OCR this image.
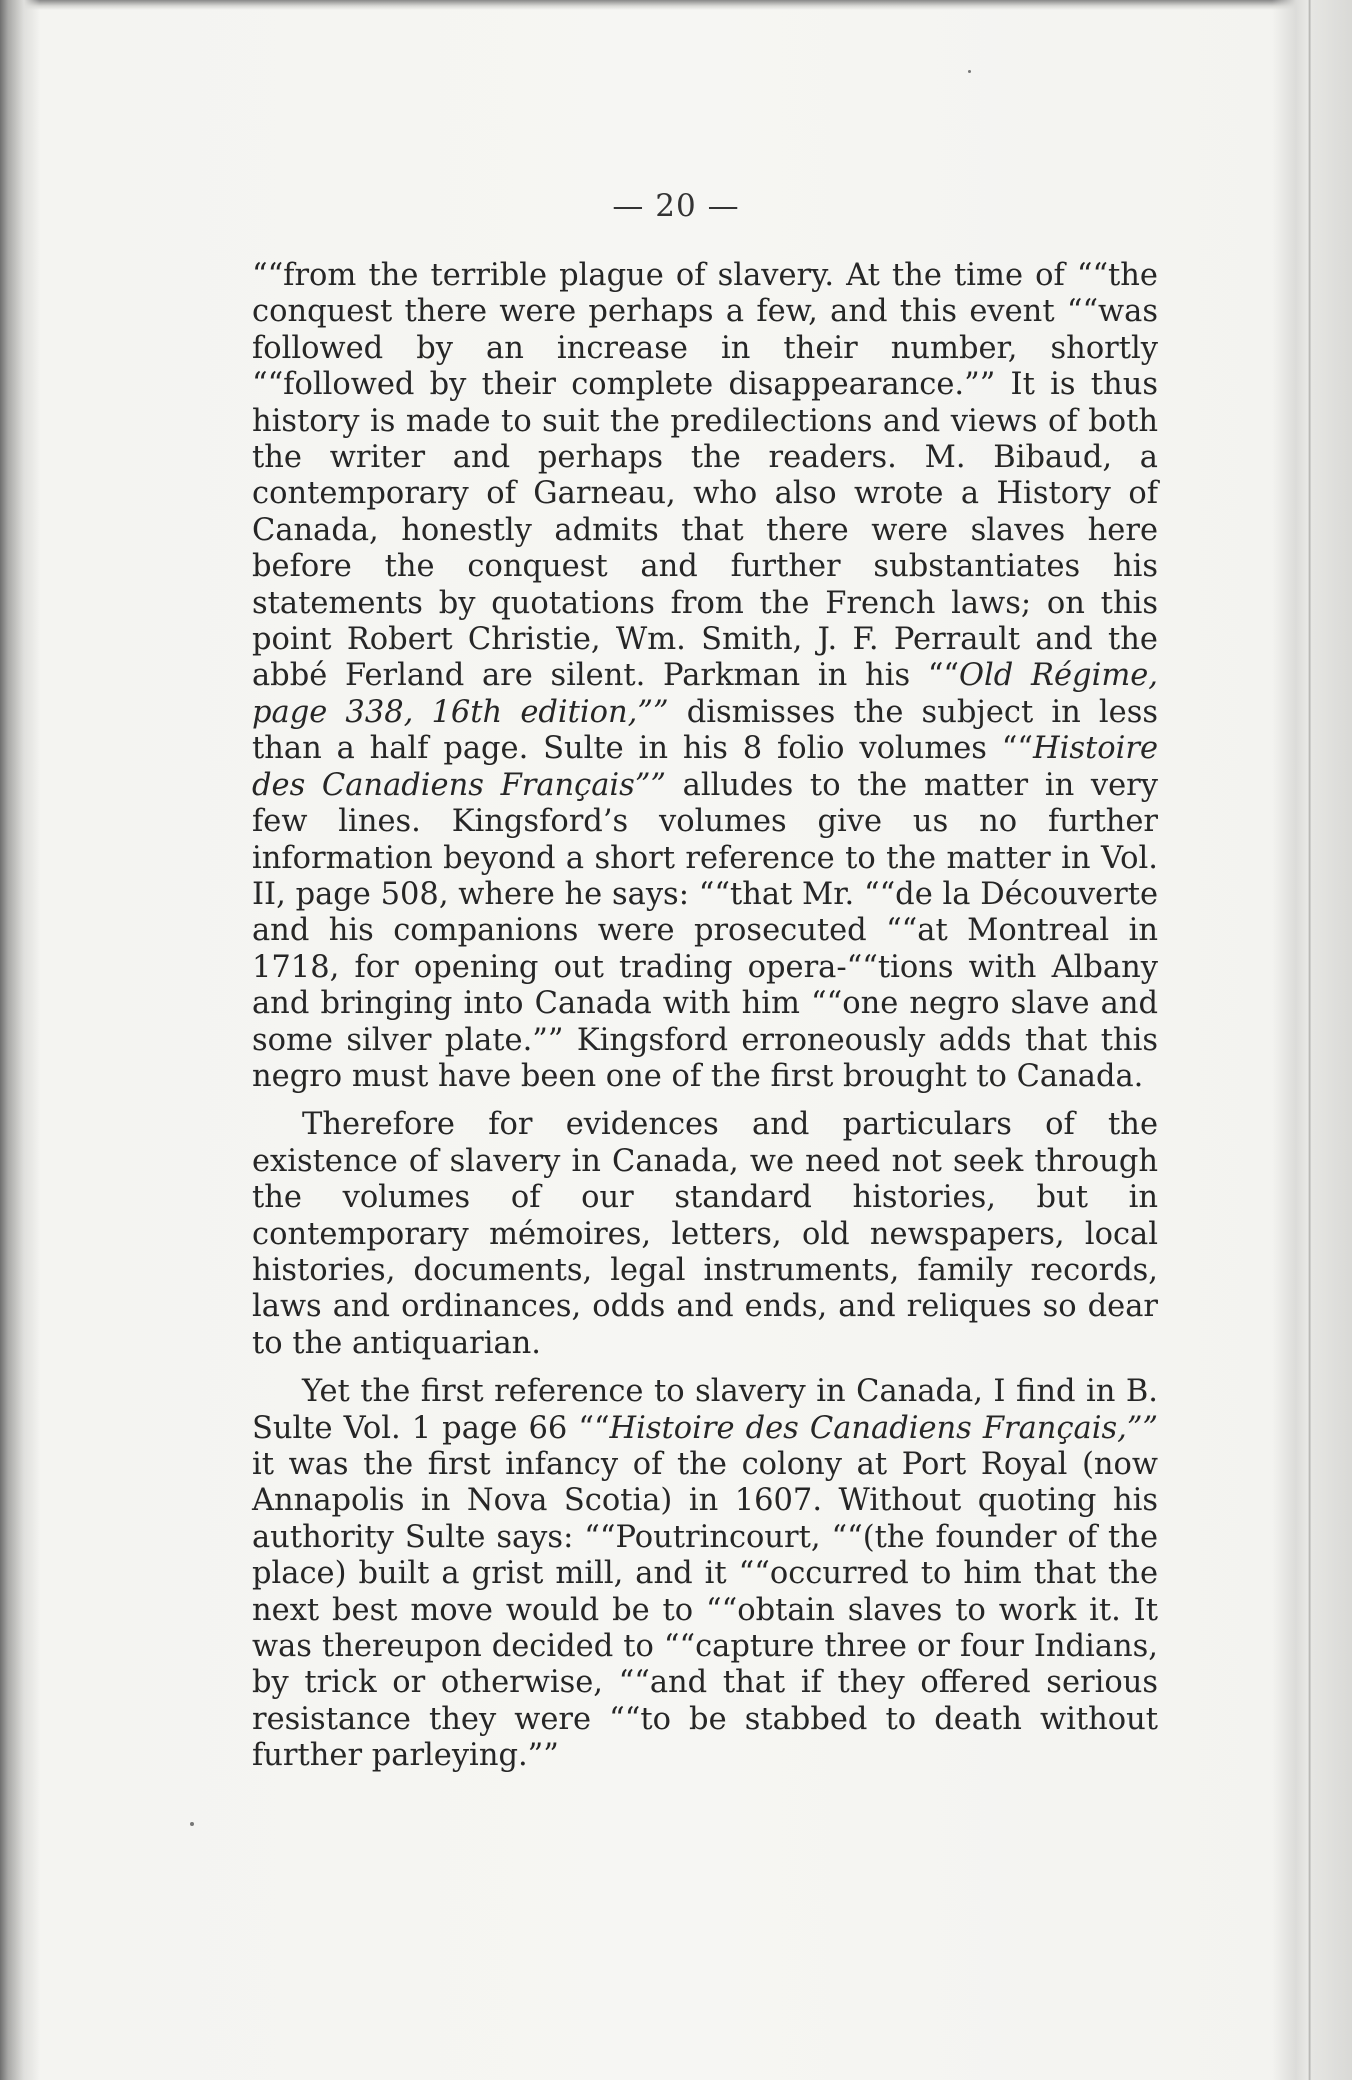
— 20 —

““from the terrible plague of slavery. At the time of ““the conquest there were perhaps a few, and this event ““was followed by an increase in their number, shortly ““followed by their complete disappearance.”” It is thus history is made to suit the predilections and views of both the writer and perhaps the readers. M. Bibaud, a contemporary of Garneau, who also wrote a History of Canada, honestly admits that there were slaves here before the conquest and further substantiates his statements by quotations from the French laws; on this point Robert Christie, Wm. Smith, J. F. Perrault and the abbé Ferland are silent. Parkman in his ““Old Régime, page 338, 16th edition,”” dismisses the subject in less than a half page. Sulte in his 8 folio volumes ““Histoire des Canadiens Français”” alludes to the matter in very few lines. Kingsford’s volumes give us no further information beyond a short reference to the matter in Vol. II, page 508, where he says: ““that Mr. ““de la Découverte and his companions were prosecuted ““at Montreal in 1718, for opening out trading opera-““tions with Albany and bringing into Canada with him ““one negro slave and some silver plate.”” Kingsford erroneously adds that this negro must have been one of the first brought to Canada.

Therefore for evidences and particulars of the existence of slavery in Canada, we need not seek through the volumes of our standard histories, but in contemporary mémoires, letters, old newspapers, local histories, documents, legal instruments, family records, laws and ordinances, odds and ends, and reliques so dear to the antiquarian.

Yet the first reference to slavery in Canada, I find in B. Sulte Vol. 1 page 66 ““Histoire des Canadiens Français,”” it was the first infancy of the colony at Port Royal (now Annapolis in Nova Scotia) in 1607. Without quoting his authority Sulte says: ““Poutrincourt, ““(the founder of the place) built a grist mill, and it ““occurred to him that the next best move would be to ““obtain slaves to work it. It was thereupon decided to ““capture three or four Indians, by trick or otherwise, ““and that if they offered serious resistance they were ““to be stabbed to death without further parleying.””
